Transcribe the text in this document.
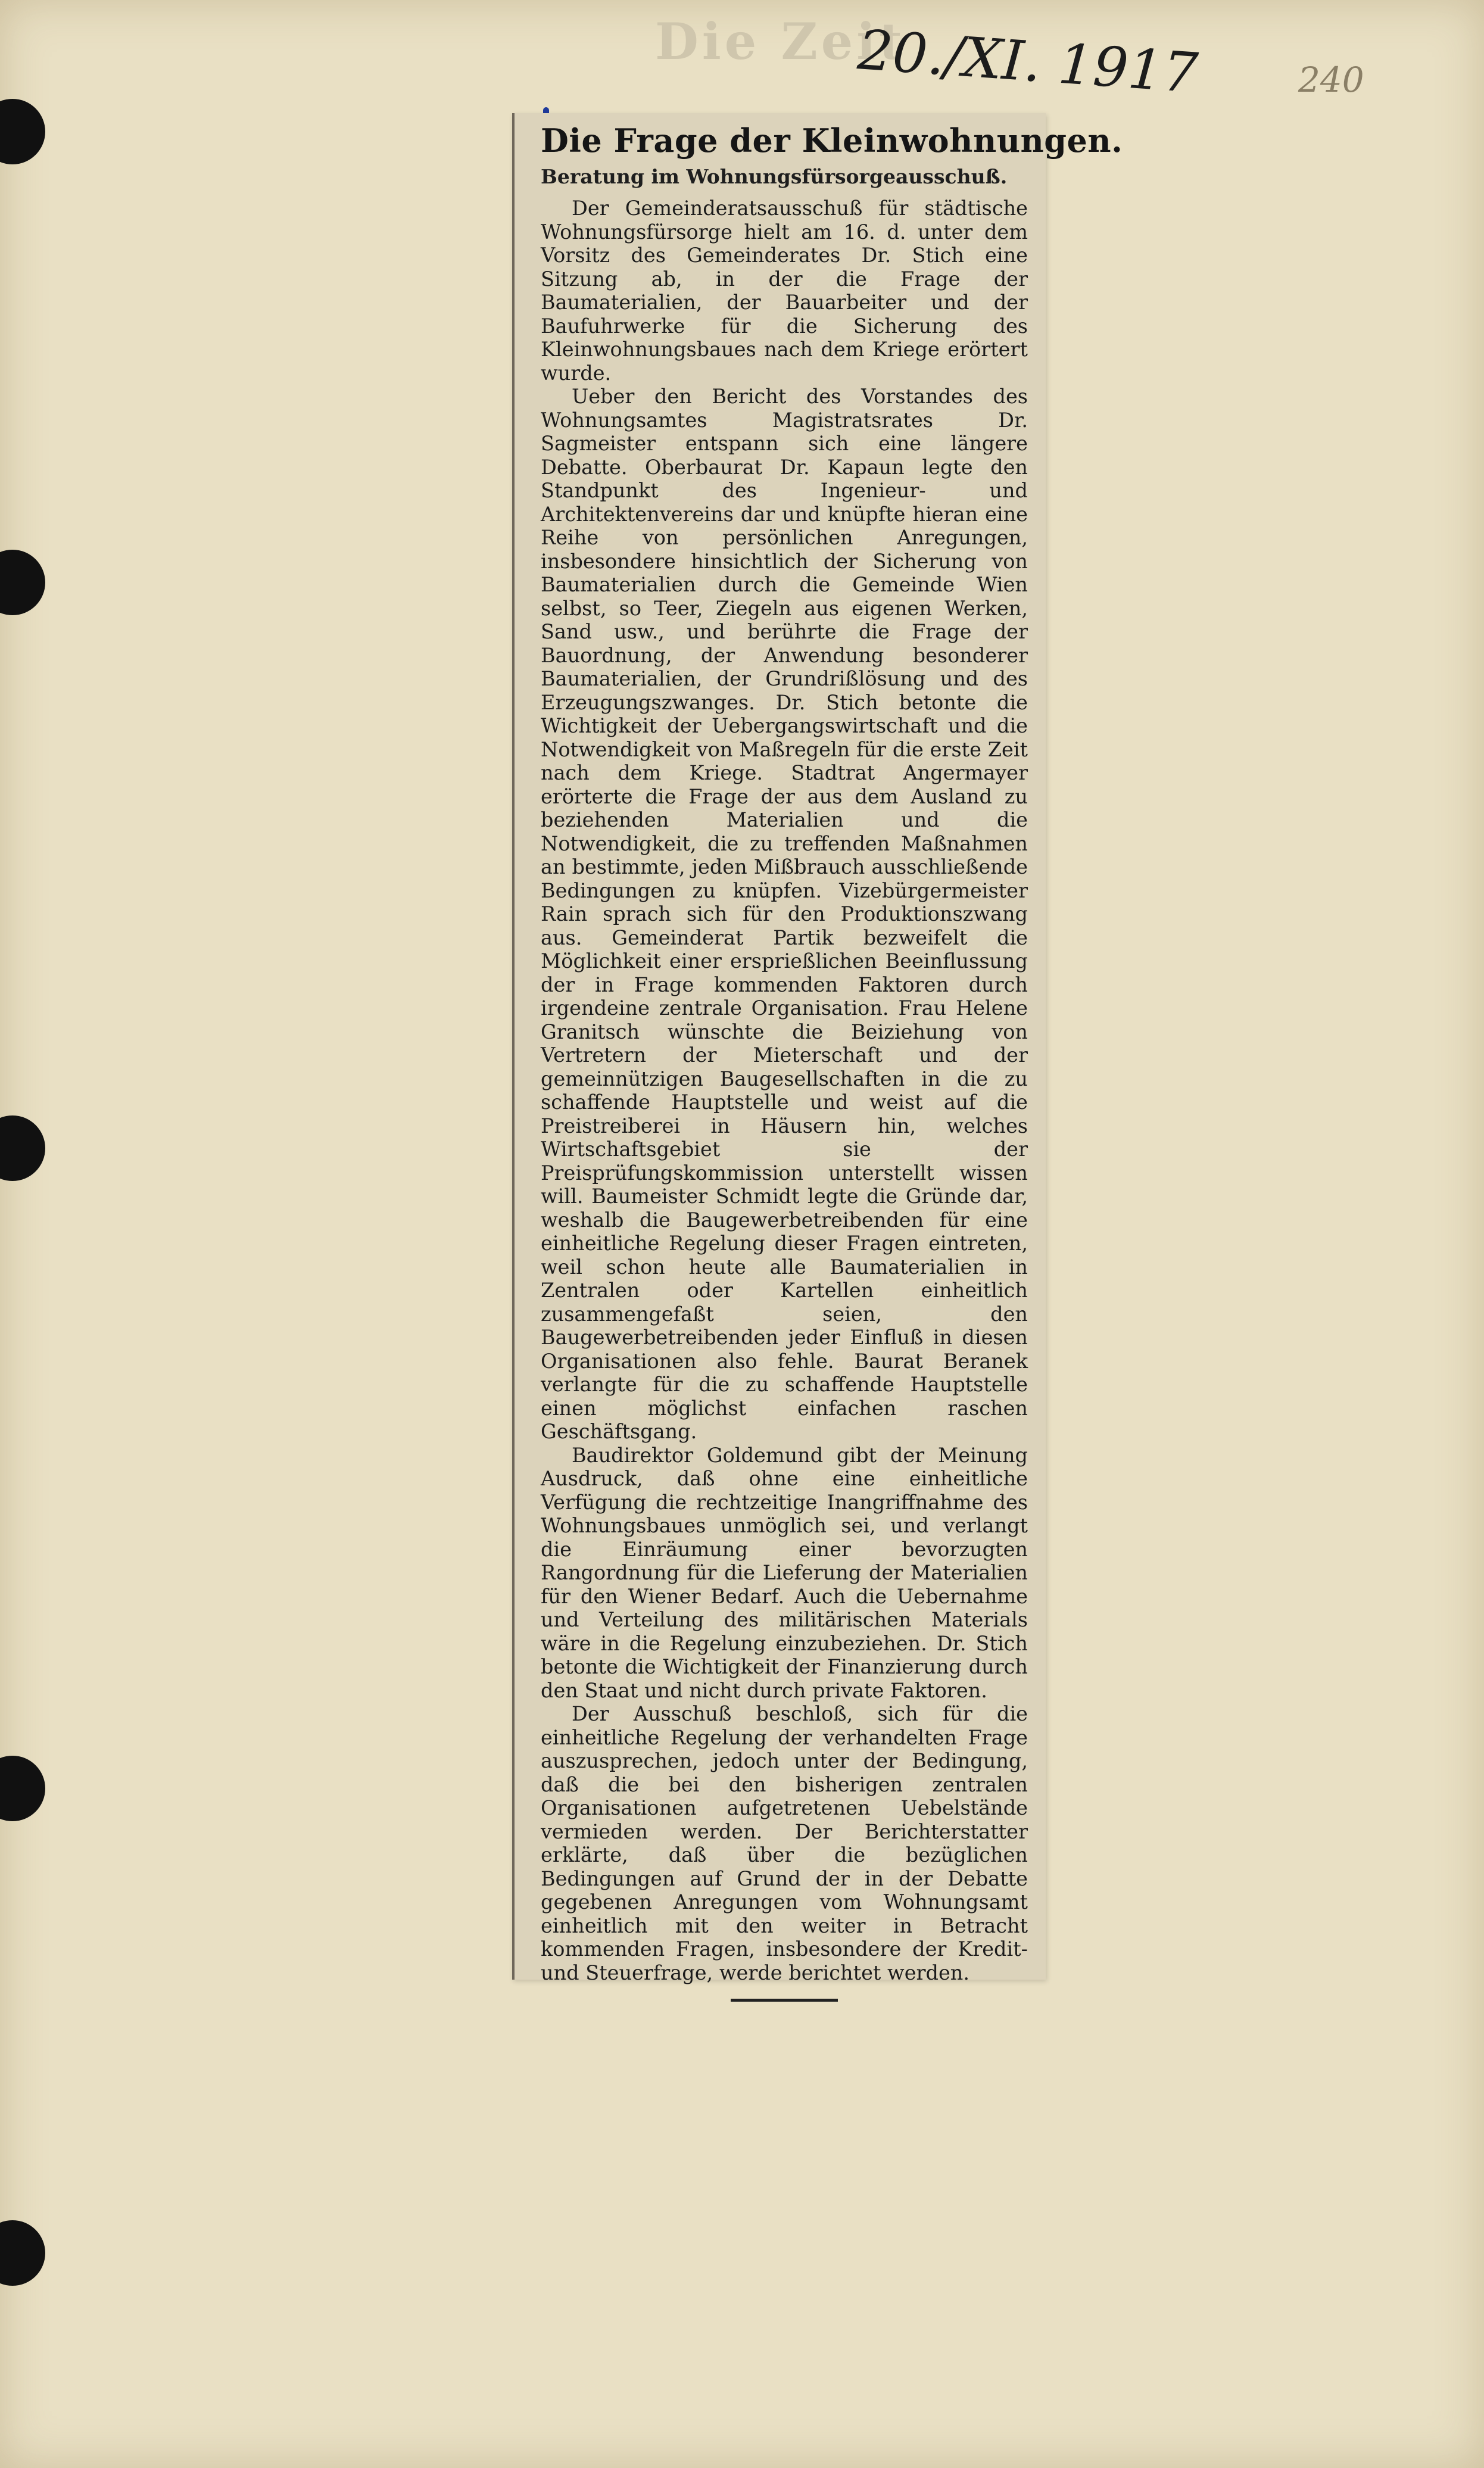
Die Zeit
20./XI. 1917	240
Die Frage der Kleinwohnungen.
Beratung im Wohnungsfürsorgeausschuß.

Der Gemeinderatsausschuß für städtische Wohnungsfürsorge hielt am 16. d. unter dem Vorsitz des Gemeinderates Dr. Stich eine Sitzung ab, in der die Frage der Baumaterialien, der Bauarbeiter und der Baufuhrwerke für die Sicherung des Kleinwohnungsbaues nach dem Kriege erörtert wurde.

Ueber den Bericht des Vorstandes des Wohnungsamtes Magistratsrates Dr. Sagmeister entspann sich eine längere Debatte. Oberbaurat Dr. Kapaun legte den Standpunkt des Ingenieur- und Architektenvereins dar und knüpfte hieran eine Reihe von persönlichen Anregungen, insbesondere hinsichtlich der Sicherung von Baumaterialien durch die Gemeinde Wien selbst, so Teer, Ziegeln aus eigenen Werken, Sand usw., und berührte die Frage der Bauordnung, der Anwendung besonderer Baumaterialien, der Grundrißlösung und des Erzeugungszwanges. Dr. Stich betonte die Wichtigkeit der Uebergangswirtschaft und die Notwendigkeit von Maßregeln für die erste Zeit nach dem Kriege. Stadtrat Angermayer erörterte die Frage der aus dem Ausland zu beziehenden Materialien und die Notwendigkeit, die zu treffenden Maßnahmen an bestimmte, jeden Mißbrauch ausschließende Bedingungen zu knüpfen. Vizebürgermeister Rain sprach sich für den Produktionszwang aus. Gemeinderat Partik bezweifelt die Möglichkeit einer ersprießlichen Beeinflussung der in Frage kommenden Faktoren durch irgendeine zentrale Organisation. Frau Helene Granitsch wünschte die Beiziehung von Vertretern der Mieterschaft und der gemeinnützigen Baugesellschaften in die zu schaffende Hauptstelle und weist auf die Preistreiberei in Häusern hin, welches Wirtschaftsgebiet sie der Preisprüfungskommission unterstellt wissen will. Baumeister Schmidt legte die Gründe dar, weshalb die Baugewerbetreibenden für eine einheitliche Regelung dieser Fragen eintreten, weil schon heute alle Baumaterialien in Zentralen oder Kartellen einheitlich zusammengefaßt seien, den Baugewerbetreibenden jeder Einfluß in diesen Organisationen also fehle. Baurat Beranek verlangte für die zu schaffende Hauptstelle einen möglichst einfachen raschen Geschäftsgang.

Baudirektor Goldemund gibt der Meinung Ausdruck, daß ohne eine einheitliche Verfügung die rechtzeitige Inangriffnahme des Wohnungsbaues unmöglich sei, und verlangt die Einräumung einer bevorzugten Rangordnung für die Lieferung der Materialien für den Wiener Bedarf. Auch die Uebernahme und Verteilung des militärischen Materials wäre in die Regelung einzubeziehen. Dr. Stich betonte die Wichtigkeit der Finanzierung durch den Staat und nicht durch private Faktoren.

Der Ausschuß beschloß, sich für die einheitliche Regelung der verhandelten Frage auszusprechen, jedoch unter der Bedingung, daß die bei den bisherigen zentralen Organisationen aufgetretenen Uebelstände vermieden werden. Der Berichterstatter erklärte, daß über die bezüglichen Bedingungen auf Grund der in der Debatte gegebenen Anregungen vom Wohnungsamt einheitlich mit den weiter in Betracht kommenden Fragen, insbesondere der Kredit- und Steuerfrage, werde berichtet werden.
